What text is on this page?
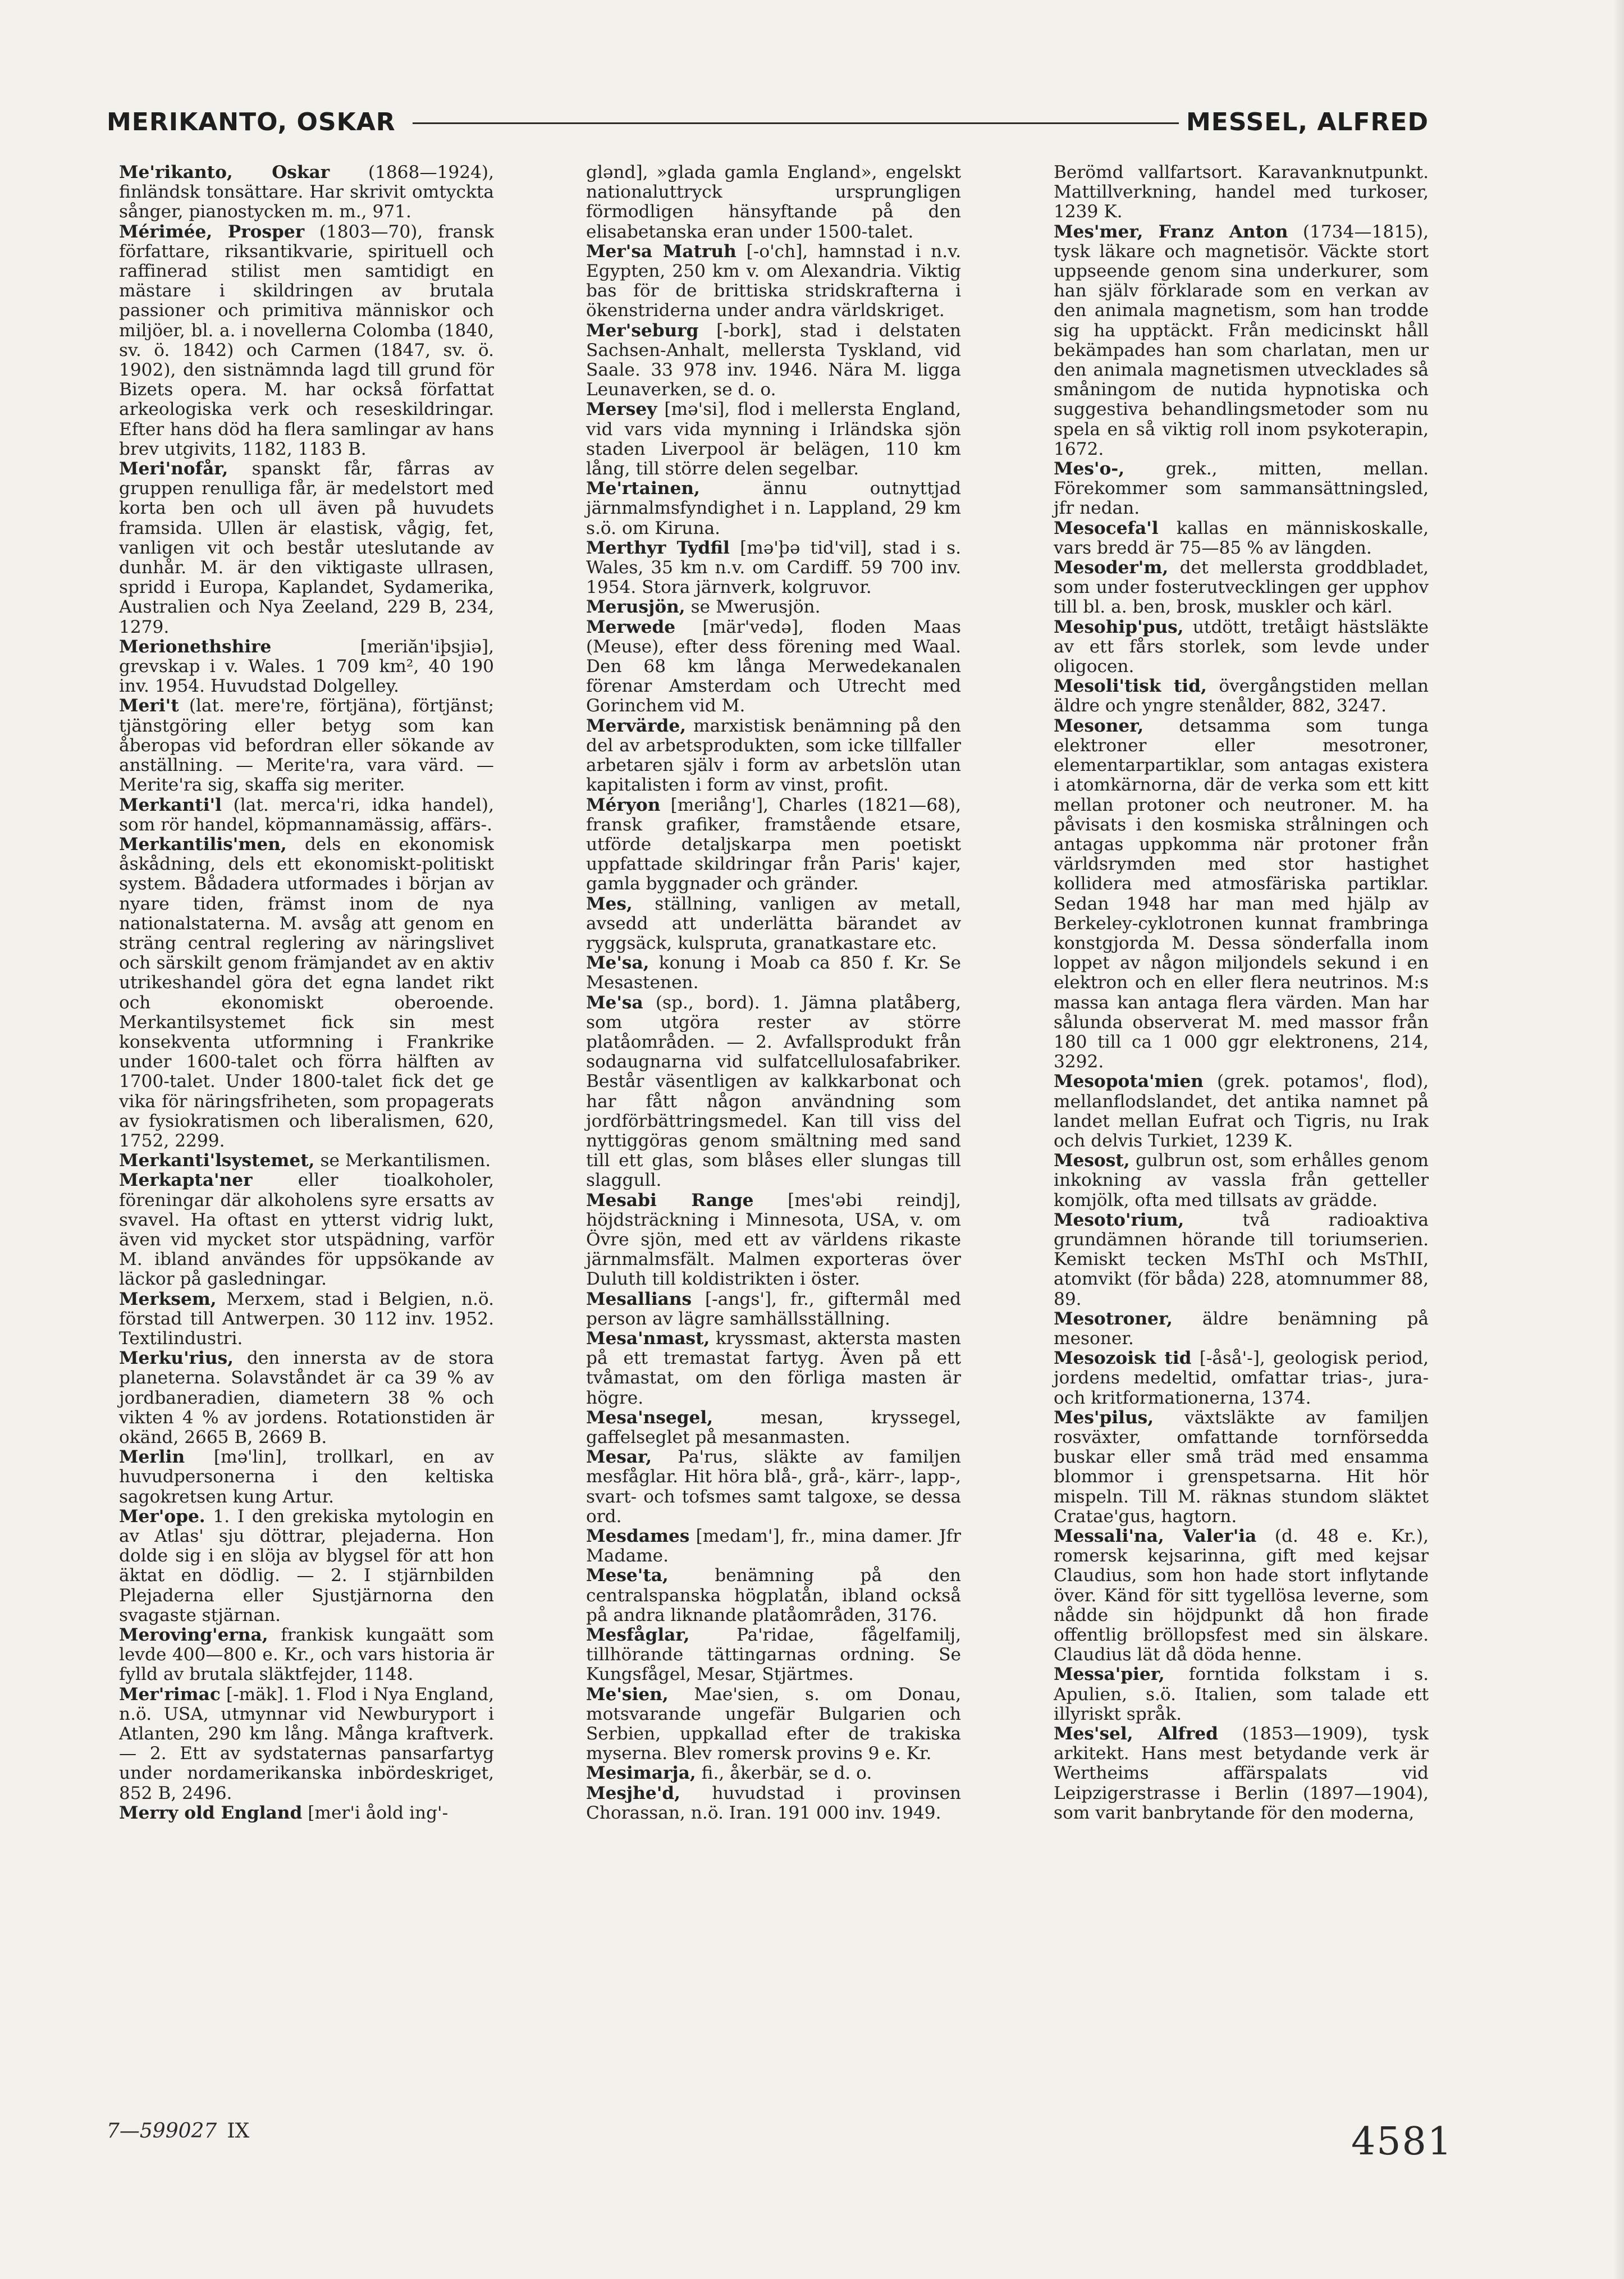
MERIKANTO, OSKAR	MESSEL, ALFRED

Me'rikanto, Oskar (1868—1924), finländsk tonsättare. Har skrivit omtyckta sånger, pianostycken m. m., 971.

Mérimée, Prosper (1803—70), fransk författare, riksantikvarie, spirituell och raffinerad stilist men samtidigt en mästare i skildringen av brutala passioner och primitiva människor och miljöer, bl. a. i novellerna Colomba (1840, sv. ö. 1842) och Carmen (1847, sv. ö. 1902), den sistnämnda lagd till grund för Bizets opera. M. har också författat arkeologiska verk och reseskildringar. Efter hans död ha flera samlingar av hans brev utgivits, 1182, 1183 B.

Meri'nofår, spanskt får, fårras av gruppen renulliga får, är medelstort med korta ben och ull även på huvudets framsida. Ullen är elastisk, vågig, fet, vanligen vit och består uteslutande av dunhår. M. är den viktigaste ullrasen, spridd i Europa, Kaplandet, Sydamerika, Australien och Nya Zeeland, 229 B, 234, 1279.

Merionethshire [meriăn'iþsjiə], grevskap i v. Wales. 1 709 km², 40 190 inv. 1954. Huvudstad Dolgelley.

Meri't (lat. mere're, förtjäna), förtjänst; tjänstgöring eller betyg som kan åberopas vid befordran eller sökande av anställning. — Merite'ra, vara värd. — Merite'ra sig, skaffa sig meriter.

Merkanti'l (lat. merca'ri, idka handel), som rör handel, köpmannamässig, affärs-.

Merkantilis'men, dels en ekonomisk åskådning, dels ett ekonomiskt-politiskt system. Bådadera utformades i början av nyare tiden, främst inom de nya nationalstaterna. M. avsåg att genom en sträng central reglering av näringslivet och särskilt genom främjandet av en aktiv utrikeshandel göra det egna landet rikt och ekonomiskt oberoende. Merkantilsystemet fick sin mest konsekventa utformning i Frankrike under 1600-talet och förra hälften av 1700-talet. Under 1800-talet fick det ge vika för näringsfriheten, som propagerats av fysiokratismen och liberalismen, 620, 1752, 2299.

Merkanti'lsystemet, se Merkantilismen.

Merkapta'ner eller tioalkoholer, föreningar där alkoholens syre ersatts av svavel. Ha oftast en ytterst vidrig lukt, även vid mycket stor utspädning, varför M. ibland användes för uppsökande av läckor på gasledningar.

Merksem, Merxem, stad i Belgien, n.ö. förstad till Antwerpen. 30 112 inv. 1952. Textilindustri.

Merku'rius, den innersta av de stora planeterna. Solavståndet är ca 39 % av jordbaneradien, diametern 38 % och vikten 4 % av jordens. Rotationstiden är okänd, 2665 B, 2669 B.

Merlin [mə'lin], trollkarl, en av huvudpersonerna i den keltiska sagokretsen kung Artur.

Mer'ope. 1. I den grekiska mytologin en av Atlas' sju döttrar, plejaderna. Hon dolde sig i en slöja av blygsel för att hon äktat en dödlig. — 2. I stjärnbilden Plejaderna eller Sjustjärnorna den svagaste stjärnan.

Meroving'erna, frankisk kungaätt som levde 400—800 e. Kr., och vars historia är fylld av brutala släktfejder, 1148.

Mer'rimac [-mäk]. 1. Flod i Nya England, n.ö. USA, utmynnar vid Newburyport i Atlanten, 290 km lång. Många kraftverk. — 2. Ett av sydstaternas pansarfartyg under nordamerikanska inbördeskriget, 852 B, 2496.

Merry old England [mer'i åold ing'-

glənd], »glada gamla England», engelskt nationaluttryck ursprungligen förmodligen hänsyftande på den elisabetanska eran under 1500-talet.

Mer'sa Matruh [-o'ch], hamnstad i n.v. Egypten, 250 km v. om Alexandria. Viktig bas för de brittiska stridskrafterna i ökenstriderna under andra världskriget.

Mer'seburg [-bork], stad i delstaten Sachsen-Anhalt, mellersta Tyskland, vid Saale. 33 978 inv. 1946. Nära M. ligga Leunaverken, se d. o.

Mersey [mə'si], flod i mellersta England, vid vars vida mynning i Irländska sjön staden Liverpool är belägen, 110 km lång, till större delen segelbar.

Me'rtainen, ännu outnyttjad järnmalmsfyndighet i n. Lappland, 29 km s.ö. om Kiruna.

Merthyr Tydfil [mə'þə tid'vil], stad i s. Wales, 35 km n.v. om Cardiff. 59 700 inv. 1954. Stora järnverk, kolgruvor.

Merusjön, se Mwerusjön.

Merwede [mär'vedə], floden Maas (Meuse), efter dess förening med Waal. Den 68 km långa Merwedekanalen förenar Amsterdam och Utrecht med Gorinchem vid M.

Mervärde, marxistisk benämning på den del av arbetsprodukten, som icke tillfaller arbetaren själv i form av arbetslön utan kapitalisten i form av vinst, profit.

Méryon [meriång'], Charles (1821—68), fransk grafiker, framstående etsare, utförde detaljskarpa men poetiskt uppfattade skildringar från Paris' kajer, gamla byggnader och gränder.

Mes, ställning, vanligen av metall, avsedd att underlätta bärandet av ryggsäck, kulspruta, granatkastare etc.

Me'sa, konung i Moab ca 850 f. Kr. Se Mesastenen.

Me'sa (sp., bord). 1. Jämna platåberg, som utgöra rester av större platåområden. — 2. Avfallsprodukt från sodaugnarna vid sulfatcellulosafabriker. Består väsentligen av kalkkarbonat och har fått någon användning som jordförbättringsmedel. Kan till viss del nyttiggöras genom smältning med sand till ett glas, som blåses eller slungas till slaggull.

Mesabi Range [mes'əbi reindj], höjdsträckning i Minnesota, USA, v. om Övre sjön, med ett av världens rikaste järnmalmsfält. Malmen exporteras över Duluth till koldistrikten i öster.

Mesallians [-angs'], fr., giftermål med person av lägre samhällsställning.

Mesa'nmast, kryssmast, aktersta masten på ett tremastat fartyg. Även på ett tvåmastat, om den förliga masten är högre.

Mesa'nsegel, mesan, kryssegel, gaffelseglet på mesanmasten.

Mesar, Pa'rus, släkte av familjen mesfåglar. Hit höra blå-, grå-, kärr-, lapp-, svart- och tofsmes samt talgoxe, se dessa ord.

Mesdames [medam'], fr., mina damer. Jfr Madame.

Mese'ta, benämning på den centralspanska högplatån, ibland också på andra liknande platåområden, 3176.

Mesfåglar, Pa'ridae, fågelfamilj, tillhörande tättingarnas ordning. Se Kungsfågel, Mesar, Stjärtmes.

Me'sien, Mae'sien, s. om Donau, motsvarande ungefär Bulgarien och Serbien, uppkallad efter de trakiska myserna. Blev romersk provins 9 e. Kr.

Mesimarja, fi., åkerbär, se d. o.

Mesjhe'd, huvudstad i provinsen Chorassan, n.ö. Iran. 191 000 inv. 1949.

Berömd vallfartsort. Karavanknutpunkt. Mattillverkning, handel med turkoser, 1239 K.

Mes'mer, Franz Anton (1734—1815), tysk läkare och magnetisör. Väckte stort uppseende genom sina underkurer, som han själv förklarade som en verkan av den animala magnetism, som han trodde sig ha upptäckt. Från medicinskt håll bekämpades han som charlatan, men ur den animala magnetismen utvecklades så småningom de nutida hypnotiska och suggestiva behandlingsmetoder som nu spela en så viktig roll inom psykoterapin, 1672.

Mes'o-, grek., mitten, mellan. Förekommer som sammansättningsled, jfr nedan.

Mesocefa'l kallas en människoskalle, vars bredd är 75—85 % av längden.

Mesoder'm, det mellersta groddbladet, som under fosterutvecklingen ger upphov till bl. a. ben, brosk, muskler och kärl.

Mesohip'pus, utdött, tretåigt hästsläkte av ett fårs storlek, som levde under oligocen.

Mesoli'tisk tid, övergångstiden mellan äldre och yngre stenålder, 882, 3247.

Mesoner, detsamma som tunga elektroner eller mesotroner, elementarpartiklar, som antagas existera i atomkärnorna, där de verka som ett kitt mellan protoner och neutroner. M. ha påvisats i den kosmiska strålningen och antagas uppkomma när protoner från världsrymden med stor hastighet kollidera med atmosfäriska partiklar. Sedan 1948 har man med hjälp av Berkeley-cyklotronen kunnat frambringa konstgjorda M. Dessa sönderfalla inom loppet av någon miljondels sekund i en elektron och en eller flera neutrinos. M:s massa kan antaga flera värden. Man har sålunda observerat M. med massor från 180 till ca 1 000 ggr elektronens, 214, 3292.

Mesopota'mien (grek. potamos', flod), mellanflodslandet, det antika namnet på landet mellan Eufrat och Tigris, nu Irak och delvis Turkiet, 1239 K.

Mesost, gulbrun ost, som erhålles genom inkokning av vassla från getteller komjölk, ofta med tillsats av grädde.

Mesoto'rium, två radioaktiva grundämnen hörande till toriumserien. Kemiskt tecken MsThI och MsThII, atomvikt (för båda) 228, atomnummer 88, 89.

Mesotroner, äldre benämning på mesoner.

Mesozoisk tid [-åså'-], geologisk period, jordens medeltid, omfattar trias-, jura- och kritformationerna, 1374.

Mes'pilus, växtsläkte av familjen rosväxter, omfattande tornförsedda buskar eller små träd med ensamma blommor i grenspetsarna. Hit hör mispeln. Till M. räknas stundom släktet Cratae'gus, hagtorn.

Messali'na, Valer'ia (d. 48 e. Kr.), romersk kejsarinna, gift med kejsar Claudius, som hon hade stort inflytande över. Känd för sitt tygellösa leverne, som nådde sin höjdpunkt då hon firade offentlig bröllopsfest med sin älskare. Claudius lät då döda henne.

Messa'pier, forntida folkstam i s. Apulien, s.ö. Italien, som talade ett illyriskt språk.

Mes'sel, Alfred (1853—1909), tysk arkitekt. Hans mest betydande verk är Wertheims affärspalats vid Leipzigerstrasse i Berlin (1897—1904), som varit banbrytande för den moderna,

7—599027 IX	4581
